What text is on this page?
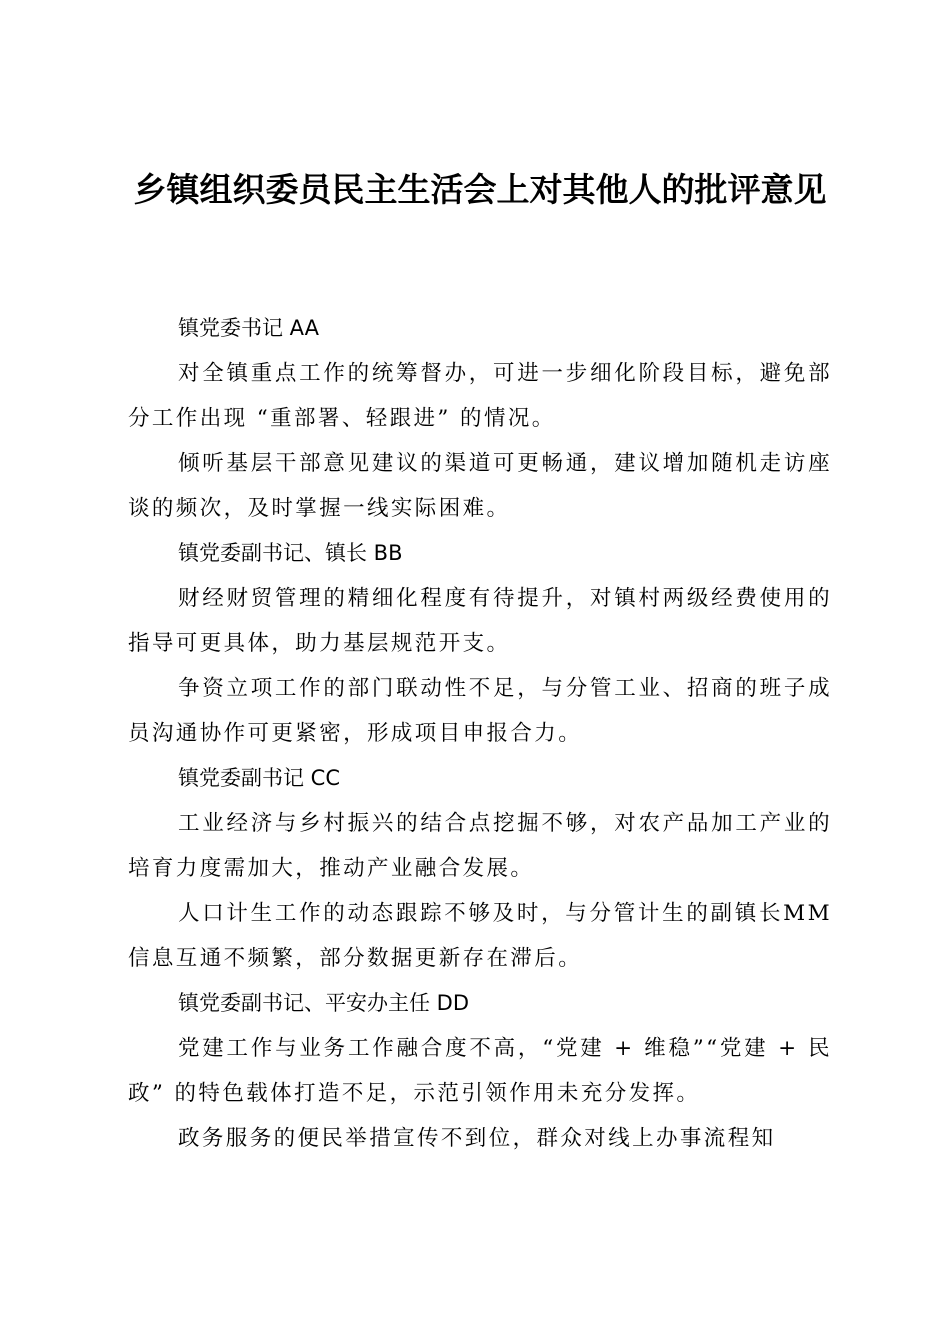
乡镇组织委员民主生活会上对其他人的批评意见

镇党委书记 AA

对全镇重点工作的统筹督办，可进一步细化阶段目标，避免部分工作出现 “重部署、轻跟进” 的情况。

倾听基层干部意见建议的渠道可更畅通，建议增加随机走访座谈的频次，及时掌握一线实际困难。

镇党委副书记、镇长 BB

财经财贸管理的精细化程度有待提升，对镇村两级经费使用的指导可更具体，助力基层规范开支。

争资立项工作的部门联动性不足，与分管工业、招商的班子成员沟通协作可更紧密，形成项目申报合力。

镇党委副书记 CC

工业经济与乡村振兴的结合点挖掘不够，对农产品加工产业的培育力度需加大，推动产业融合发展。

人口计生工作的动态跟踪不够及时，与分管计生的副镇长MM 信息互通不频繁，部分数据更新存在滞后。

镇党委副书记、平安办主任 DD

党建工作与业务工作融合度不高，“党建 + 维稳”“党建 + 民政” 的特色载体打造不足，示范引领作用未充分发挥。

政务服务的便民举措宣传不到位，群众对线上办事流程知
